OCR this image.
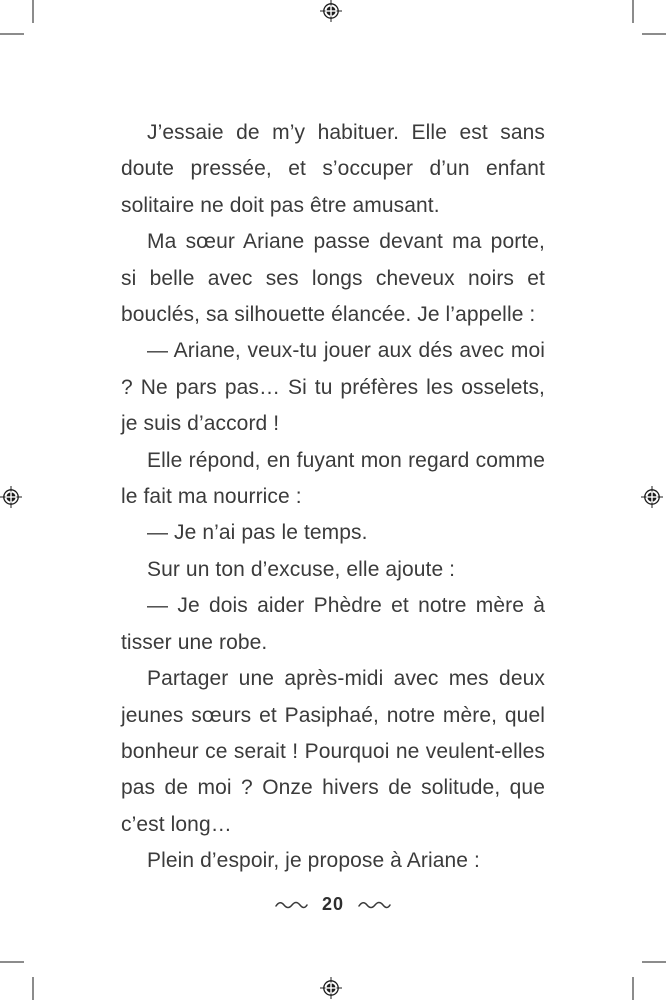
J’essaie de m’y habituer. Elle est sans doute pressée, et s’occuper d’un enfant solitaire ne doit pas être amusant.

Ma sœur Ariane passe devant ma porte, si belle avec ses longs cheveux noirs et bouclés, sa silhouette élancée. Je l’appelle :

— Ariane, veux-tu jouer aux dés avec moi ? Ne pars pas… Si tu préfères les osselets, je suis d’accord !

Elle répond, en fuyant mon regard comme le fait ma nourrice :

— Je n’ai pas le temps.

Sur un ton d’excuse, elle ajoute :

— Je dois aider Phèdre et notre mère à tisser une robe.

Partager une après-midi avec mes deux jeunes sœurs et Pasiphaé, notre mère, quel bonheur ce serait ! Pourquoi ne veulent-elles pas de moi ? Onze hivers de solitude, que c’est long…

Plein d’espoir, je propose à Ariane :

20
